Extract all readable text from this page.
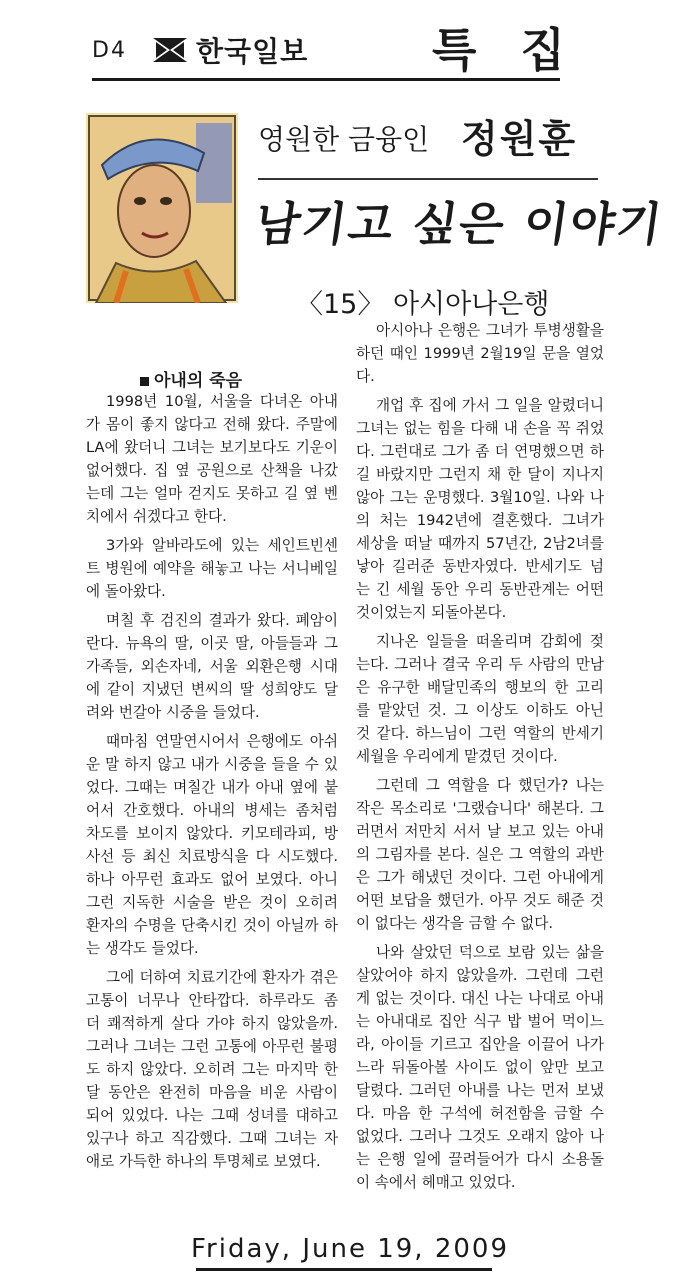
D4 한국일보	특 집
영원한 금융인 정원훈
남기고 싶은 이야기
〈15〉 아시아나은행
아내의 죽음

1998년 10월, 서울을 다녀온 아내가 몸이 좋지 않다고 전해 왔다. 주말에 LA에 왔더니 그녀는 보기보다도 기운이 없어했다. 집 옆 공원으로 산책을 나갔는데 그는 얼마 걷지도 못하고 길 옆 벤치에서 쉬겠다고 한다.

3가와 알바라도에 있는 세인트빈센트 병원에 예약을 해놓고 나는 서니베일에 돌아왔다.

며칠 후 검진의 결과가 왔다. 폐암이란다. 뉴욕의 딸, 이곳 딸, 아들들과 그 가족들, 외손자네, 서울 외환은행 시대에 같이 지냈던 변씨의 딸 성희양도 달려와 번갈아 시중을 들었다.

때마침 연말연시어서 은행에도 아쉬운 말 하지 않고 내가 시중을 들을 수 있었다. 그때는 며칠간 내가 아내 옆에 붙어서 간호했다. 아내의 병세는 좀처럼 차도를 보이지 않았다. 키모테라피, 방사선 등 최신 치료방식을 다 시도했다. 하나 아무런 효과도 없어 보였다. 아니 그런 지독한 시술을 받은 것이 오히려 환자의 수명을 단축시킨 것이 아닐까 하는 생각도 들었다.

그에 더하여 치료기간에 환자가 겪은 고통이 너무나 안타깝다. 하루라도 좀 더 쾌적하게 살다 가야 하지 않았을까. 그러나 그녀는 그런 고통에 아무런 불평도 하지 않았다. 오히려 그는 마지막 한 달 동안은 완전히 마음을 비운 사람이 되어 있었다. 나는 그때 성녀를 대하고 있구나 하고 직감했다. 그때 그녀는 자애로 가득한 하나의 투명체로 보였다.

아시아나 은행은 그녀가 투병생활을 하던 때인 1999년 2월19일 문을 열었다.

개업 후 집에 가서 그 일을 알렸더니 그녀는 없는 힘을 다해 내 손을 꼭 쥐었다. 그런대로 그가 좀 더 연명했으면 하길 바랐지만 그런지 채 한 달이 지나지 않아 그는 운명했다. 3월10일. 나와 나의 처는 1942년에 결혼했다. 그녀가 세상을 떠날 때까지 57년간, 2남2녀를 낳아 길러준 동반자였다. 반세기도 넘는 긴 세월 동안 우리 동반관계는 어떤 것이었는지 되돌아본다.

지나온 일들을 떠올리며 감회에 젖는다. 그러나 결국 우리 두 사람의 만남은 유구한 배달민족의 행보의 한 고리를 맡았던 것. 그 이상도 이하도 아닌 것 같다. 하느님이 그런 역할의 반세기 세월을 우리에게 맡겼던 것이다.

그런데 그 역할을 다 했던가? 나는 작은 목소리로 '그랬습니다' 해본다. 그러면서 저만치 서서 날 보고 있는 아내의 그림자를 본다. 실은 그 역할의 과반은 그가 해냈던 것이다. 그런 아내에게 어떤 보답을 했던가. 아무 것도 해준 것이 없다는 생각을 금할 수 없다.

나와 살았던 덕으로 보람 있는 삶을 살았어야 하지 않았을까. 그런데 그런게 없는 것이다. 대신 나는 나대로 아내는 아내대로 집안 식구 밥 벌어 먹이느라, 아이들 기르고 집안을 이끌어 나가느라 뒤돌아볼 사이도 없이 앞만 보고 달렸다. 그러던 아내를 나는 먼저 보냈다. 마음 한 구석에 허전함을 금할 수 없었다. 그러나 그것도 오래지 않아 나는 은행 일에 끌려들어가 다시 소용돌이 속에서 헤매고 있었다.

Friday, June 19, 2009
